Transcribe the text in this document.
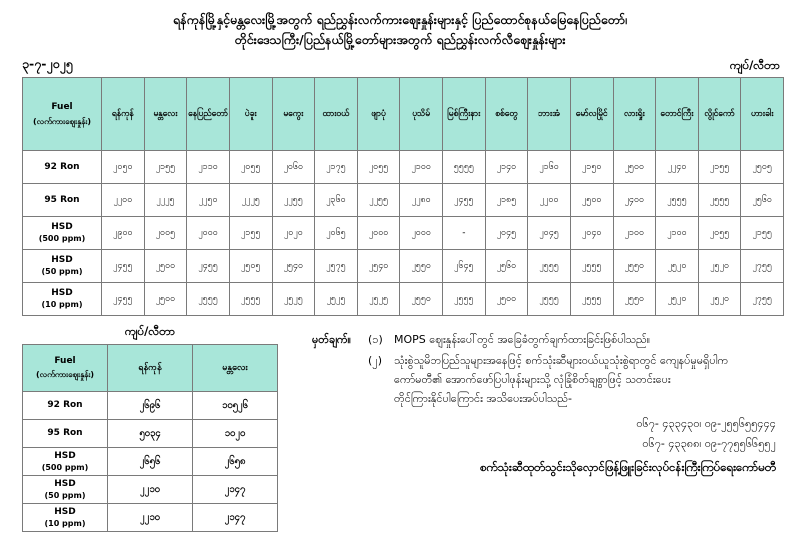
ရန်ကုန်မြို့နှင့်မန္တလေးမြို့အတွက် ရည်ညွှန်းလက်ကားဈေးနှုန်းများနှင့် ပြည်ထောင်စုနယ်မြေနေပြည်တော်၊
တိုင်းဒေသကြီး/ပြည်နယ်မြို့တော်များအတွက် ရည်ညွှန်းလက်လီဈေးနှုန်းများ
၃-၇-၂၀၂၅	ကျပ်/လီတာ
Fuel
(လက်ကားဈေးနှုန်း)	ရန်ကုန်	မန္တလေး	နေပြည်တော်	ပဲခူး	မကွေး	ထားဝယ်	ဖျာပုံ	ပုသိမ်	မြစ်ကြီးနား	စစ်တွေ	ဘားအံ	မော်လမြိုင်	လားရှိုး	တောင်ကြီး	လွိုင်ကော်	ဟားခါး
92 Ron	၂၀၅၀	၂၁၅၅	၂၁၁၀	၂၀၅၅	၂၀၆၀	၂၁၇၅	၂၀၅၅	၂၁၀၀	၅၅၅၅	၂၁၄၀	၂၁၆၀	၂၁၅၀	၂၅၀၀	၂၂၄၀	၂၁၅၅	၂၅၀၅
95 Ron	၂၂၀၀	၂၂၂၅	၂၂၅၀	၂၂၂၅	၂၂၅၅	၂၃၆၀	၂၂၅၅	၂၂၈၀	၂၄၅၅	၂၁၈၅	၂၂၀၀	၂၅၀၀	၂၄၀၀	၂၅၅၅	၂၅၅၅	၂၅၆၀
HSD
(500 ppm)	၂၉၀၀	၂၀၀၅	၂၀၀၀	၂၁၅၅	၂၀၂၀	၂၀၆၅	၂၀၀၀	၂၀၀၀	-	၂၀၄၅	၂၀၄၅	၂၀၄၀	၂၁၀၀	၂၁၀၀	၂၀၅၅	၂၁၅၅
HSD
(50 ppm)	၂၄၅၅	၂၅၀၀	၂၄၅၅	၂၅၀၅	၂၅၄၀	၂၅၇၅	၂၅၄၀	၂၅၅၀	၂၆၄၅	၂၅၆၀	၂၅၅၅	၂၅၅၅	၂၅၅၀	၂၅၂၀	၂၅၂၀	၂၇၅၅
HSD
(10 ppm)	၂၄၅၅	၂၅၀၀	၂၅၅၅	၂၅၅၅	၂၅၂၅	၂၅၂၅	၂၅၂၅	၂၅၅၀	၂၅၅၅	၂၅၀၀	၂၅၅၅	၂၅၅၅	၂၅၅၀	၂၅၂၀	၂၅၂၀	၂၇၅၅
ကျပ်/လီတာ
Fuel
(လက်ကားဈေးနှုန်း)	ရန်ကုန်	မန္တလေး
92 Ron	၂၆၉၆	၁၀၅၂၆
95 Ron	၅၀၃၄	၁၀၂၀
HSD
(500 ppm)	၂၆၅၆	၂၆၅၈
HSD
(50 ppm)	၂၂၁၀	၂၁၄၇
HSD
(10 ppm)	၂၂၁၀	၂၁၄၇
မှတ်ချက်။	(၁)	MOPS ဈေးနှုန်းပေါ်တွင် အခြေခံတွက်ချက်ထားခြင်းဖြစ်ပါသည်။
(၂)	သုံးစွဲသူမိဘပြည်သူများအနေဖြင့် စက်သုံးဆီများဝယ်ယူသုံးစွဲရာတွင် ကျေနပ်မှုမရှိပါက
ကော်မတီ၏ အောက်ဖော်ပြပါဖုန်းများသို့ လုံခြုံစိတ်ချစွာဖြင့် သတင်းပေး
တိုင်ကြားနိုင်ပါကြောင်း အသိပေးအပ်ပါသည်-
၀၆၇- ၄၃၃၄၃၀၊ ၀၉-၂၅၅၆၅၅၄၄၄
၀၆၇- ၄၃၃၈၈၊ ၀၉-၇၇၅၅၆၆၅၅၂
စက်သုံးဆီထုတ်သွင်းသိုလှောင်ဖြန့်ဖြူးခြင်းလုပ်ငန်းကြီးကြပ်ရေးကော်မတီ
